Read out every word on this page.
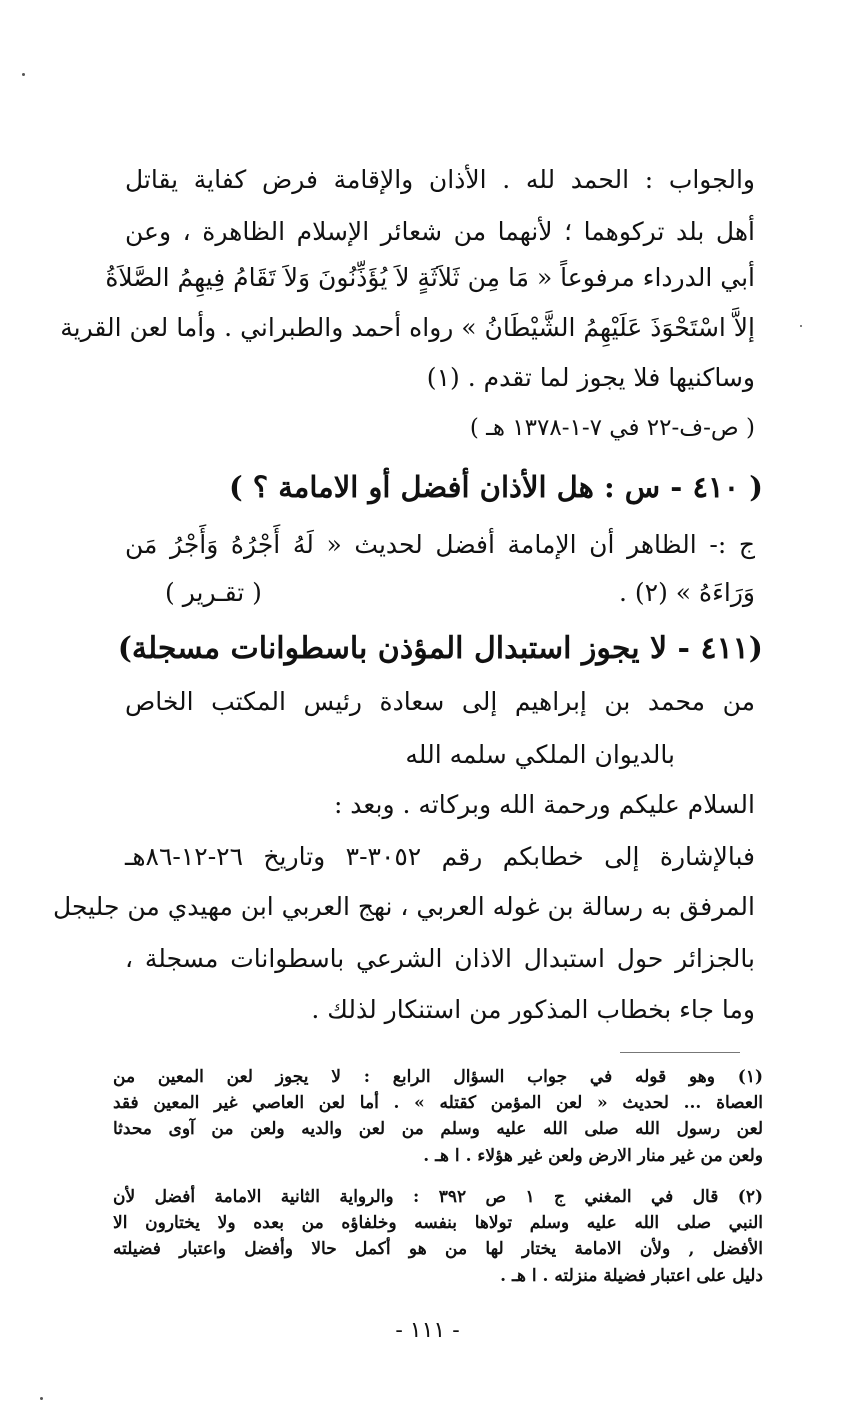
والجواب : الحمد لله . الأذان والإقامة فرض كفاية يقاتل
أهل بلد تركوهما ؛ لأنهما من شعائر الإسلام الظاهرة ، وعن
أبي الدرداء مرفوعاً « مَا مِن ثَلاَثَةٍ لاَ يُؤَذِّنُونَ وَلاَ تَقَامُ فِيهِمُ الصَّلاَةُ
إلاَّ اسْتَحْوَذَ عَلَيْهِمُ الشَّيْطَانُ » رواه أحمد والطبراني . وأما لعن القرية
وساكنيها فلا يجوز لما تقدم . (١)
( ص-ف-٢٢ في ٧-١-١٣٧٨ هـ )
( ٤١٠ - س : هل الأذان أفضل أو الامامة ؟ )
ج :- الظاهر أن الإمامة أفضل لحديث « لَهُ أَجْرُهُ وَأَجْرُ مَن
وَرَاءَهُ » (٢) .
( تقـرير )
(٤١١ - لا يجوز استبدال المؤذن باسطوانات مسجلة)
من محمد بن إبراهيم إلى سعادة رئيس المكتب الخاص
بالديوان الملكي سلمه الله
السلام عليكم ورحمة الله وبركاته . وبعد :
فبالإشارة إلى خطابكم رقم ٣٠٥٢-٣ وتاريخ ٢٦-١٢-٨٦هـ
المرفق به رسالة بن غوله العربي ، نهج العربي ابن مهيدي من جليجل
بالجزائر حول استبدال الاذان الشرعي باسطوانات مسجلة ،
وما جاء بخطاب المذكور من استنكار لذلك .
(١) وهو قوله في جواب السؤال الرابع : لا يجوز لعن المعين من
العصاة ... لحديث « لعن المؤمن كقتله » . أما لعن العاصي غير المعين فقد
لعن رسول الله صلى الله عليه وسلم من لعن والديه ولعن من آوى محدثا
ولعن من غير منار الارض ولعن غير هؤلاء . ا هـ .
(٢) قال في المغني ج ١ ص ٣٩٢ : والرواية الثانية الامامة أفضل لأن
النبي صلى الله عليه وسلم تولاها بنفسه وخلفاؤه من بعده ولا يختارون الا
الأفضل , ولأن الامامة يختار لها من هو أكمل حالا وأفضل واعتبار فضيلته
دليل على اعتبار فضيلة منزلته . ا هـ .
- ١١١ -
